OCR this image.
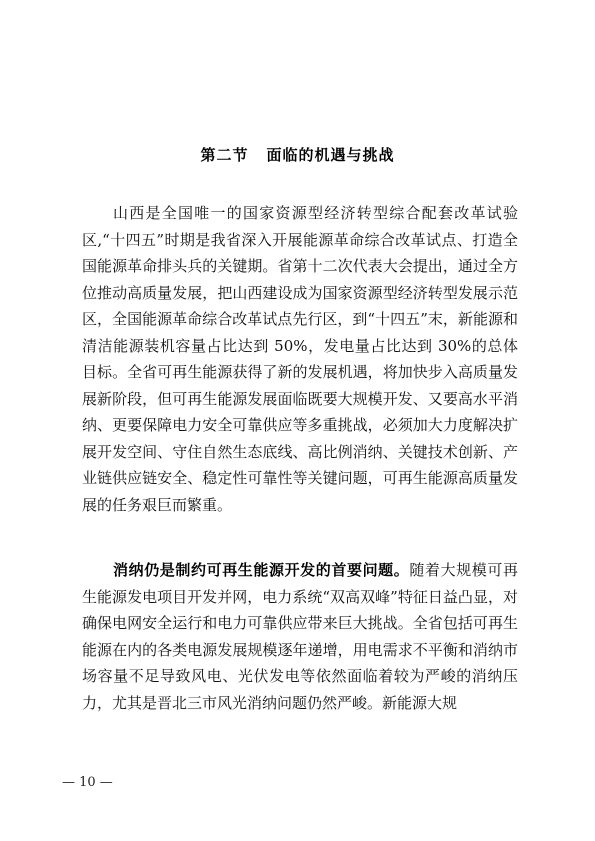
第二节 面临的机遇与挑战

山西是全国唯一的国家资源型经济转型综合配套改革试验区,“十四五”时期是我省深入开展能源革命综合改革试点、打造全国能源革命排头兵的关键期。省第十二次代表大会提出，通过全方位推动高质量发展，把山西建设成为国家资源型经济转型发展示范区，全国能源革命综合改革试点先行区，到“十四五”末，新能源和清洁能源装机容量占比达到 50%，发电量占比达到 30%的总体目标。全省可再生能源获得了新的发展机遇，将加快步入高质量发展新阶段，但可再生能源发展面临既要大规模开发、又要高水平消纳、更要保障电力安全可靠供应等多重挑战，必须加大力度解决扩展开发空间、守住自然生态底线、高比例消纳、关键技术创新、产业链供应链安全、稳定性可靠性等关键问题，可再生能源高质量发展的任务艰巨而繁重。

消纳仍是制约可再生能源开发的首要问题。随着大规模可再生能源发电项目开发并网，电力系统“双高双峰”特征日益凸显，对确保电网安全运行和电力可靠供应带来巨大挑战。全省包括可再生能源在内的各类电源发展规模逐年递增，用电需求不平衡和消纳市场容量不足导致风电、光伏发电等依然面临着较为严峻的消纳压力，尤其是晋北三市风光消纳问题仍然严峻。新能源大规

— 10 —
